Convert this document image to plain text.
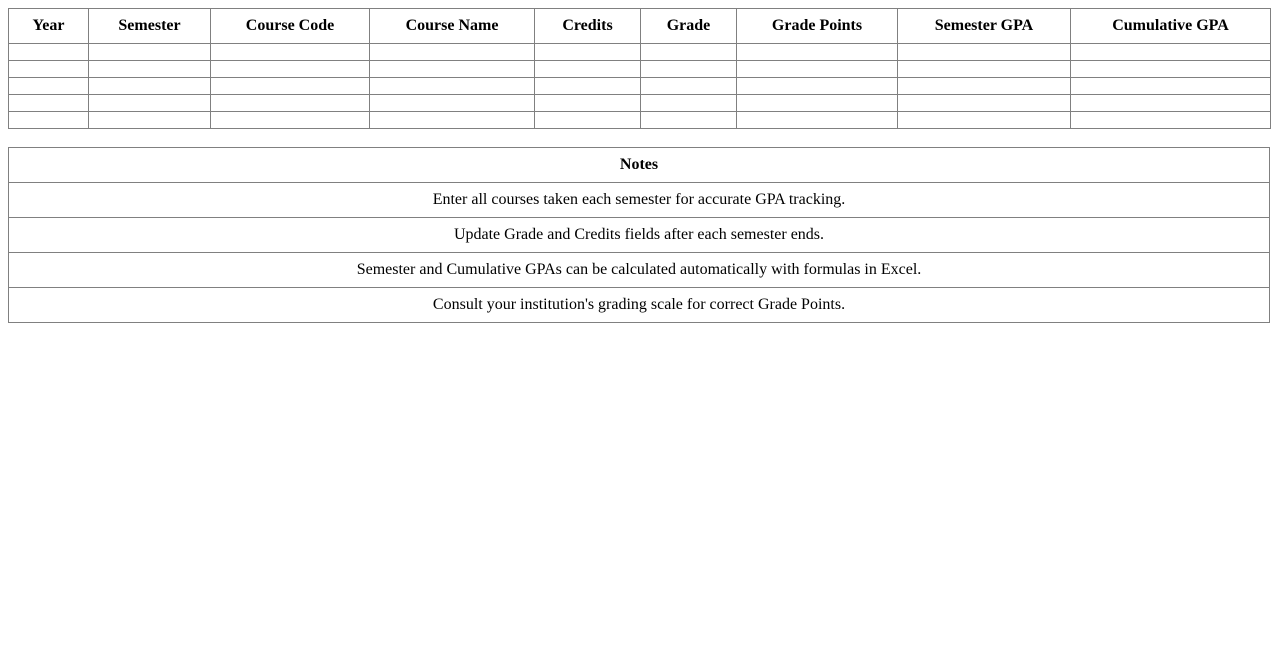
Year	Semester	Course Code	Course Name	Credits	Grade	Grade Points	Semester GPA	Cumulative GPA

Notes
Enter all courses taken each semester for accurate GPA tracking.
Update Grade and Credits fields after each semester ends.
Semester and Cumulative GPAs can be calculated automatically with formulas in Excel.
Consult your institution's grading scale for correct Grade Points.
